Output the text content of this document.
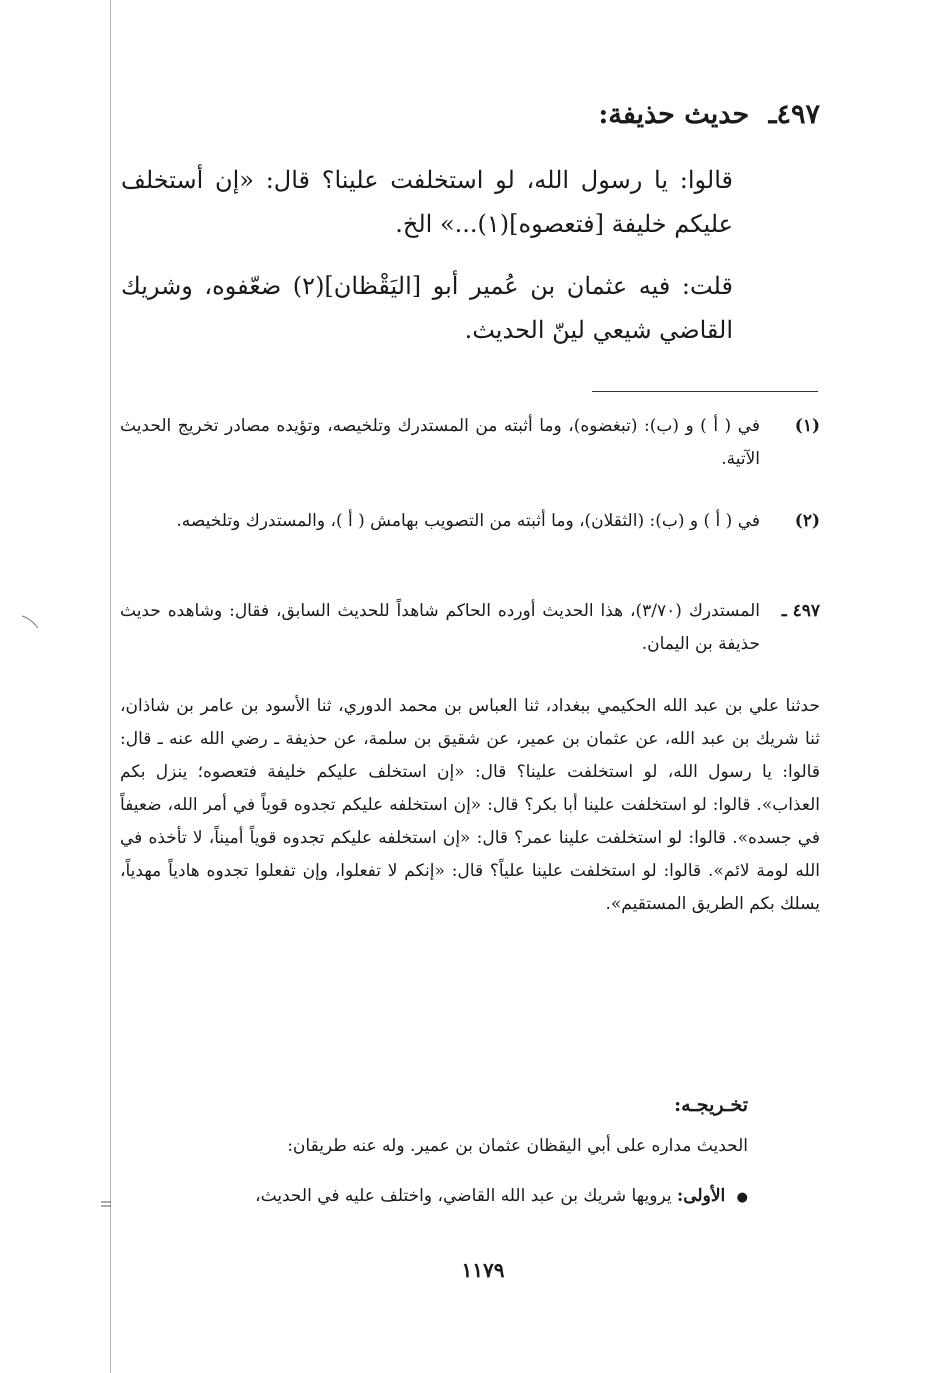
٤٩٧ـ حديث حذيفة:

قالوا: يا رسول الله، لو استخلفت علينا؟ قال: «إن أستخلف عليكم خليفة [فتعصوه](١)...» الخ.

قلت: فيه عثمان بن عُمير أبو [اليَقْظان](٢) ضعّفوه، وشريك القاضي شيعي لينّ الحديث.

(١)
في ( أ ) و (ب): (تبغضوه)، وما أثبته من المستدرك وتلخيصه، وتؤيده مصادر تخريج الحديث الآتية.
(٢)
في ( أ ) و (ب): (الثقلان)، وما أثبته من التصويب بهامش ( أ )، والمستدرك وتلخيصه.
٤٩٧ ـ
المستدرك (٣/٧٠)، هذا الحديث أورده الحاكم شاهداً للحديث السابق، فقال: وشاهده حديث حذيفة بن اليمان.
حدثنا علي بن عبد الله الحكيمي ببغداد، ثنا العباس بن محمد الدوري، ثنا الأسود بن عامر بن شاذان، ثنا شريك بن عبد الله، عن عثمان بن عمير، عن شقيق بن سلمة، عن حذيفة ـ رضي الله عنه ـ قال: قالوا: يا رسول الله، لو استخلفت علينا؟ قال: «إن استخلف عليكم خليفة فتعصوه؛ ينزل بكم العذاب». قالوا: لو استخلفت علينا أبا بكر؟ قال: «إن استخلفه عليكم تجدوه قوياً في أمر الله، ضعيفاً في جسده». قالوا: لو استخلفت علينا عمر؟ قال: «إن استخلفه عليكم تجدوه قوياً أميناً، لا تأخذه في الله لومة لائم». قالوا: لو استخلفت علينا علياً؟ قال: «إنكم لا تفعلوا، وإن تفعلوا تجدوه هادياً مهدياً، يسلك بكم الطريق المستقيم».
تخـريجـه:
الحديث مداره على أبي اليقظان عثمان بن عمير. وله عنه طريقان:
● الأولى: يرويها شريك بن عبد الله القاضي، واختلف عليه في الحديث،
١١٧٩
